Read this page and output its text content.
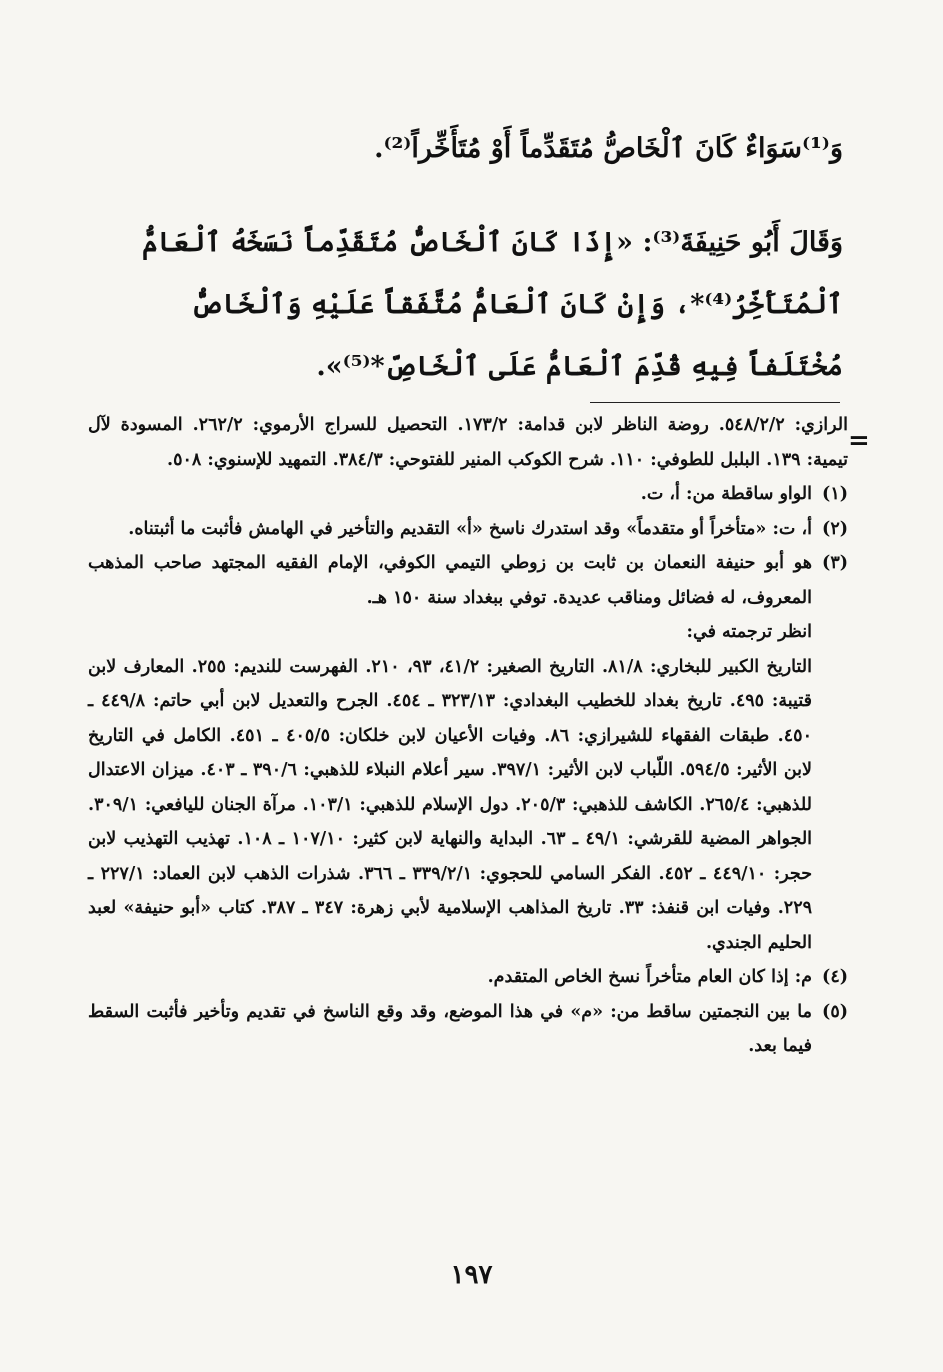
وَ⁽¹⁾سَوَاءٌ كَانَ ٱلْخَاصُّ مُتَقَدِّماً أَوْ مُتَأَخِّراً⁽²⁾.

وَقَالَ أَبُو حَنِيفَةَ⁽³⁾: «إِذَا كَانَ ٱلْخَاصُّ مُتَقَدِّماً نَسَخَهُ ٱلْعَامُّ ٱلْمُتَأَخِّرُ⁽⁴⁾*، وَإِنْ كَانَ ٱلْعَامُّ مُتَّفَقاً عَلَيْهِ وَٱلْخَاصُّ مُخْتَلَفاً فِيهِ قُدِّمَ ٱلْعَامُّ عَلَى ٱلْخَاصِّ*⁽⁵⁾».

=

الرازي: ٥٤٨/٢/٢. روضة الناظر لابن قدامة: ١٧٣/٢. التحصيل للسراج الأرموي: ٢٦٢/٢. المسودة لآل تيمية: ١٣٩. البلبل للطوفي: ١١٠. شرح الكوكب المنير للفتوحي: ٣٨٤/٣. التمهيد للإسنوي: ٥٠٨.

(١)
الواو ساقطة من: أ، ت.
(٢)
أ، ت: «متأخراً أو متقدماً» وقد استدرك ناسخ «أ» التقديم والتأخير في الهامش فأثبت ما أثبتناه.
(٣)
هو أبو حنيفة النعمان بن ثابت بن زوطي التيمي الكوفي، الإمام الفقيه المجتهد صاحب المذهب المعروف، له فضائل ومناقب عديدة. توفي ببغداد سنة ١٥٠ هـ.

انظر ترجمته في:

التاريخ الكبير للبخاري: ٨١/٨. التاريخ الصغير: ٤١/٢، ٩٣، ٢١٠. الفهرست للنديم: ٢٥٥. المعارف لابن قتيبة: ٤٩٥. تاريخ بغداد للخطيب البغدادي: ٣٢٣/١٣ ـ ٤٥٤. الجرح والتعديل لابن أبي حاتم: ٤٤٩/٨ ـ ٤٥٠. طبقات الفقهاء للشيرازي: ٨٦. وفيات الأعيان لابن خلكان: ٤٠٥/٥ ـ ٤٥١. الكامل في التاريخ لابن الأثير: ٥٩٤/٥. اللّباب لابن الأثير: ٣٩٧/١. سير أعلام النبلاء للذهبي: ٣٩٠/٦ ـ ٤٠٣. ميزان الاعتدال للذهبي: ٢٦٥/٤. الكاشف للذهبي: ٢٠٥/٣. دول الإسلام للذهبي: ١٠٣/١. مرآة الجنان لليافعي: ٣٠٩/١. الجواهر المضية للقرشي: ٤٩/١ ـ ٦٣. البداية والنهاية لابن كثير: ١٠٧/١٠ ـ ١٠٨. تهذيب التهذيب لابن حجر: ٤٤٩/١٠ ـ ٤٥٢. الفكر السامي للحجوي: ٣٣٩/٢/١ ـ ٣٦٦. شذرات الذهب لابن العماد: ٢٢٧/١ ـ ٢٢٩. وفيات ابن قنفذ: ٣٣. تاريخ المذاهب الإسلامية لأبي زهرة: ٣٤٧ ـ ٣٨٧. كتاب «أبو حنيفة» لعبد الحليم الجندي.

(٤)
م: إذا كان العام متأخراً نسخ الخاص المتقدم.
(٥)
ما بين النجمتين ساقط من: «م» في هذا الموضع، وقد وقع الناسخ في تقديم وتأخير فأثبت السقط فيما بعد.
١٩٧
